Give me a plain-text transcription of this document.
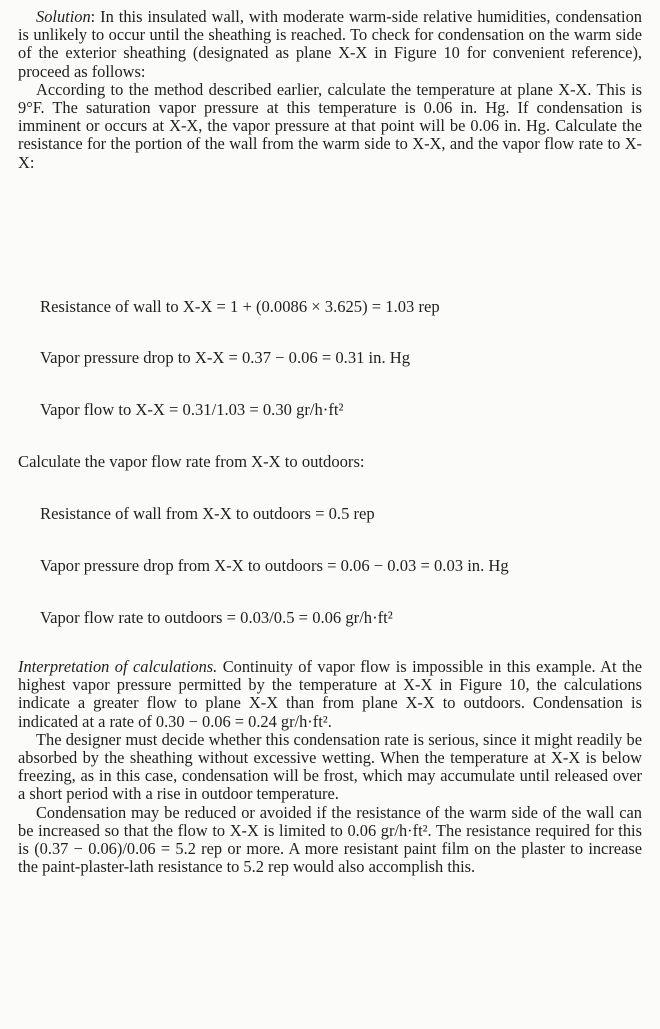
Solution: In this insulated wall, with moderate warm-side relative humidities, condensation is unlikely to occur until the sheathing is reached. To check for condensation on the warm side of the exterior sheathing (designated as plane X-X in Figure 10 for convenient reference), proceed as follows:

According to the method described earlier, calculate the temperature at plane X-X. This is 9°F. The saturation vapor pressure at this temperature is 0.06 in. Hg. If condensation is imminent or occurs at X-X, the vapor pressure at that point will be 0.06 in. Hg. Calculate the resistance for the portion of the wall from the warm side to X-X, and the vapor flow rate to X-X:

Resistance of wall to X-X = 1 + (0.0086 × 3.625) = 1.03 rep
Vapor pressure drop to X-X = 0.37 − 0.06 = 0.31 in. Hg
Vapor flow to X-X = 0.31/1.03 = 0.30 gr/h·ft²
Calculate the vapor flow rate from X-X to outdoors:
Resistance of wall from X-X to outdoors = 0.5 rep
Vapor pressure drop from X-X to outdoors = 0.06 − 0.03 = 0.03 in. Hg
Vapor flow rate to outdoors = 0.03/0.5 = 0.06 gr/h·ft²

Interpretation of calculations. Continuity of vapor flow is impossible in this example. At the highest vapor pressure permitted by the temperature at X-X in Figure 10, the calculations indicate a greater flow to plane X-X than from plane X-X to outdoors. Condensation is indicated at a rate of 0.30 − 0.06 = 0.24 gr/h·ft².

The designer must decide whether this condensation rate is serious, since it might readily be absorbed by the sheathing without excessive wetting. When the temperature at X-X is below freezing, as in this case, condensation will be frost, which may accumulate until released over a short period with a rise in outdoor temperature.

Condensation may be reduced or avoided if the resistance of the warm side of the wall can be increased so that the flow to X-X is limited to 0.06 gr/h·ft². The resistance required for this is (0.37 − 0.06)/0.06 = 5.2 rep or more. A more resistant paint film on the plaster to increase the paint-plaster-lath resistance to 5.2 rep would also accomplish this.
